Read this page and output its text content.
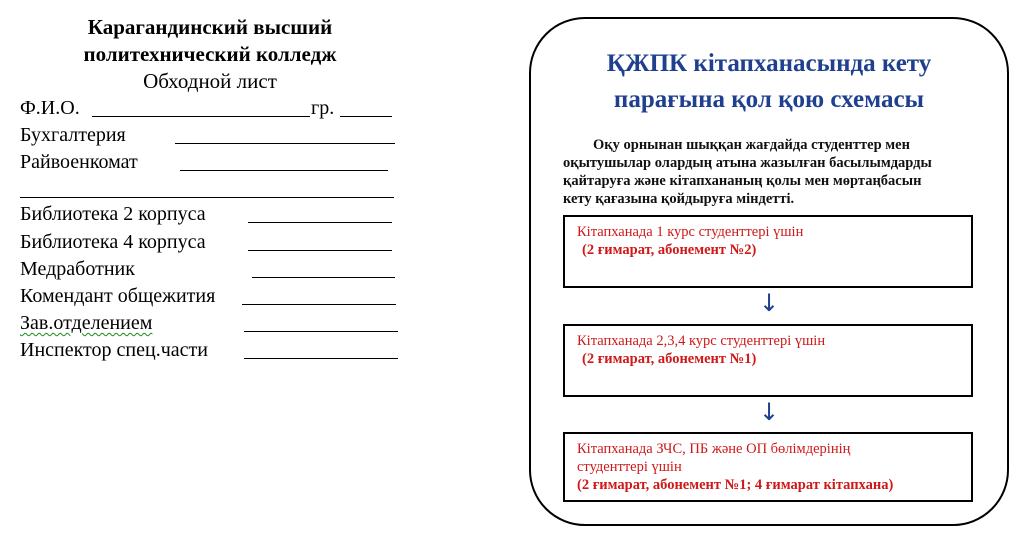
Карагандинский высший
политехнический колледж
Обходной лист
Ф.И.О.	гр.
Бухгалтерия
Райвоенкомат
Библиотека 2 корпуса
Библиотека 4 корпуса
Медработник
Комендант общежития
Зав.отделением
Инспектор спец.части
ҚЖПК кітапханасында кету
парағына қол қою схемасы
Оқу орнынан шыққан жағдайда студенттер мен
оқытушылар олардың атына жазылған басылымдарды
қайтаруға және кітапхананың қолы мен мөртаңбасын
кету қағазына қойдыруға міндетті.
Кітапханада 1 курс студенттері үшін
(2 ғимарат, абонемент №2)
↓
Кітапханада 2,3,4 курс студенттері үшін
(2 ғимарат, абонемент №1)
↓
Кітапханада ЗЧС, ПБ және ОП бөлімдерінің
студенттері үшін
(2 ғимарат, абонемент №1; 4 ғимарат кітапхана)
